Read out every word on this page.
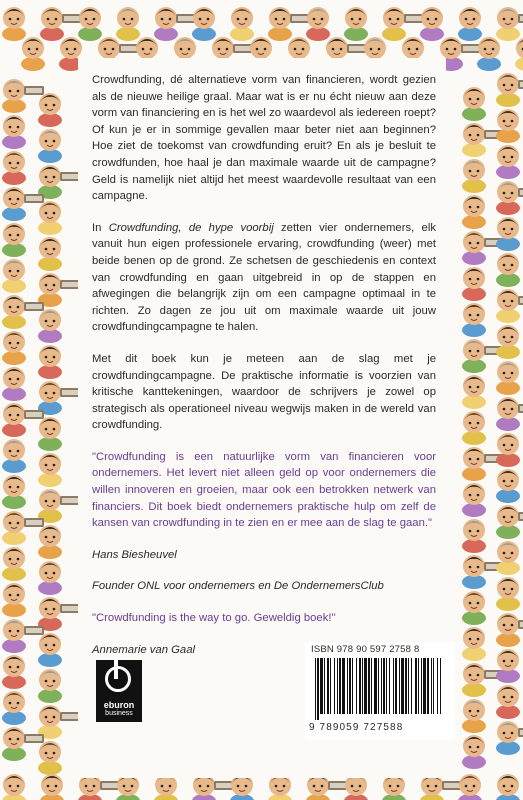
Crowdfunding, dé alternatieve vorm van financieren, wordt gezien als de nieuwe heilige graal. Maar wat is er nu écht nieuw aan deze vorm van financiering en is het wel zo waardevol als iedereen roept? Of kun je er in sommige gevallen maar beter niet aan beginnen? Hoe ziet de toekomst van crowdfunding eruit? En als je besluit te crowdfunden, hoe haal je dan maximale waarde uit de campagne? Geld is namelijk niet altijd het meest waardevolle resultaat van een campagne.

In Crowdfunding, de hype voorbij zetten vier ondernemers, elk vanuit hun eigen professionele ervaring, crowdfunding (weer) met beide benen op de grond. Ze schetsen de geschiedenis en context van crowdfunding en gaan uitgebreid in op de stappen en afwegingen die belangrijk zijn om een campagne optimaal in te richten. Zo dagen ze jou uit om maximale waarde uit jouw crowdfundingcampagne te halen.

Met dit boek kun je meteen aan de slag met je crowdfundingcampagne. De praktische informatie is voorzien van kritische kanttekeningen, waardoor de schrijvers je zowel op strategisch als operationeel niveau wegwijs maken in de wereld van crowdfunding.

"Crowdfunding is een natuurlijke vorm van financieren voor ondernemers. Het levert niet alleen geld op voor ondernemers die willen innoveren en groeien, maar ook een betrokken netwerk van financiers. Dit boek biedt ondernemers praktische hulp om zelf de kansen van crowdfunding in te zien en er mee aan de slag te gaan."

Hans Biesheuvel

Founder ONL voor ondernemers en De OndernemersClub

"Crowdfunding is the way to go. Geweldig boek!''

Annemarie van Gaal

eburon
business
ISBN 978 90 597 2758 8
9 789059 727588
